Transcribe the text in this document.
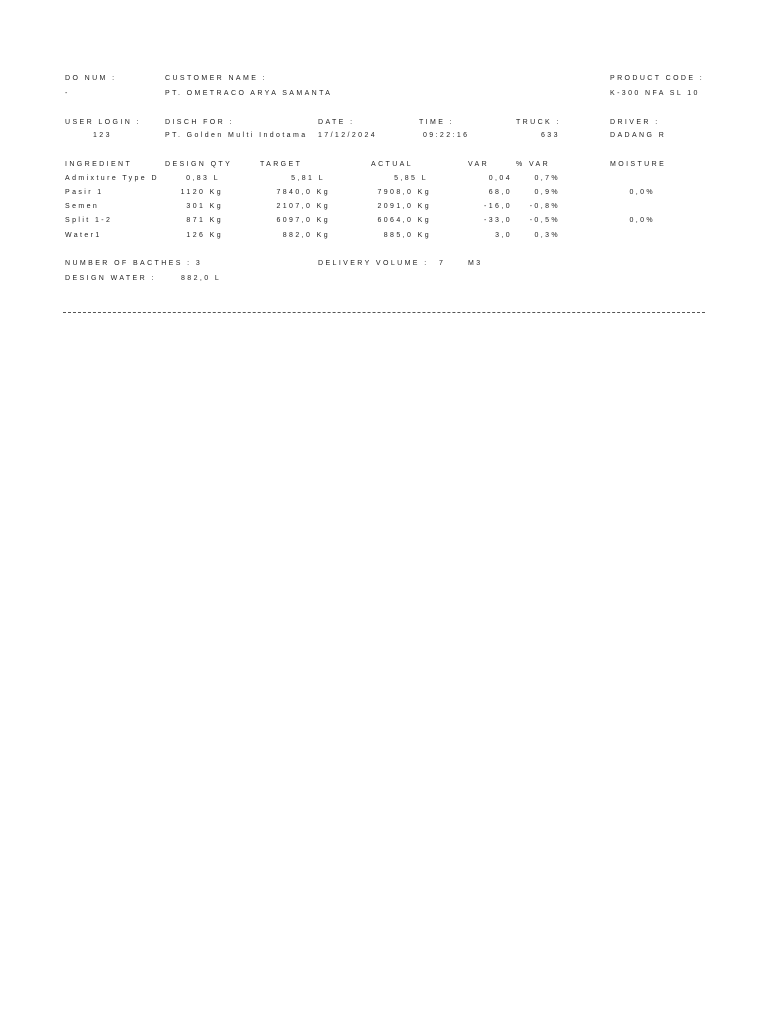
DO NUM :
-
CUSTOMER NAME :
PT. OMETRACO ARYA SAMANTA
PRODUCT CODE :
K-300 NFA SL 10
USER LOGIN :
123
DISCH FOR :
PT. Golden Multi Indotama
DATE :
17/12/2024
TIME :
09:22:16
TRUCK :
633
DRIVER :
DADANG R
INGREDIENT	DESIGN QTY	TARGET	ACTUAL	VAR	% VAR	MOISTURE
Admixture Type D	0,83 L	5,81 L	5,85 L	0,04	0,7%
Pasir 1	1120 Kg	7840,0 Kg	7908,0 Kg	68,0	0,9%	0,0%
Semen	301 Kg	2107,0 Kg	2091,0 Kg	-16,0	-0,8%
Split 1-2	871 Kg	6097,0 Kg	6064,0 Kg	-33,0	-0,5%	0,0%
Water1	126 Kg	882,0 Kg	885,0 Kg	3,0	0,3%
NUMBER OF BACTHES : 3	DELIVERY VOLUME : 7	M3
DESIGN WATER :	882,0 L
